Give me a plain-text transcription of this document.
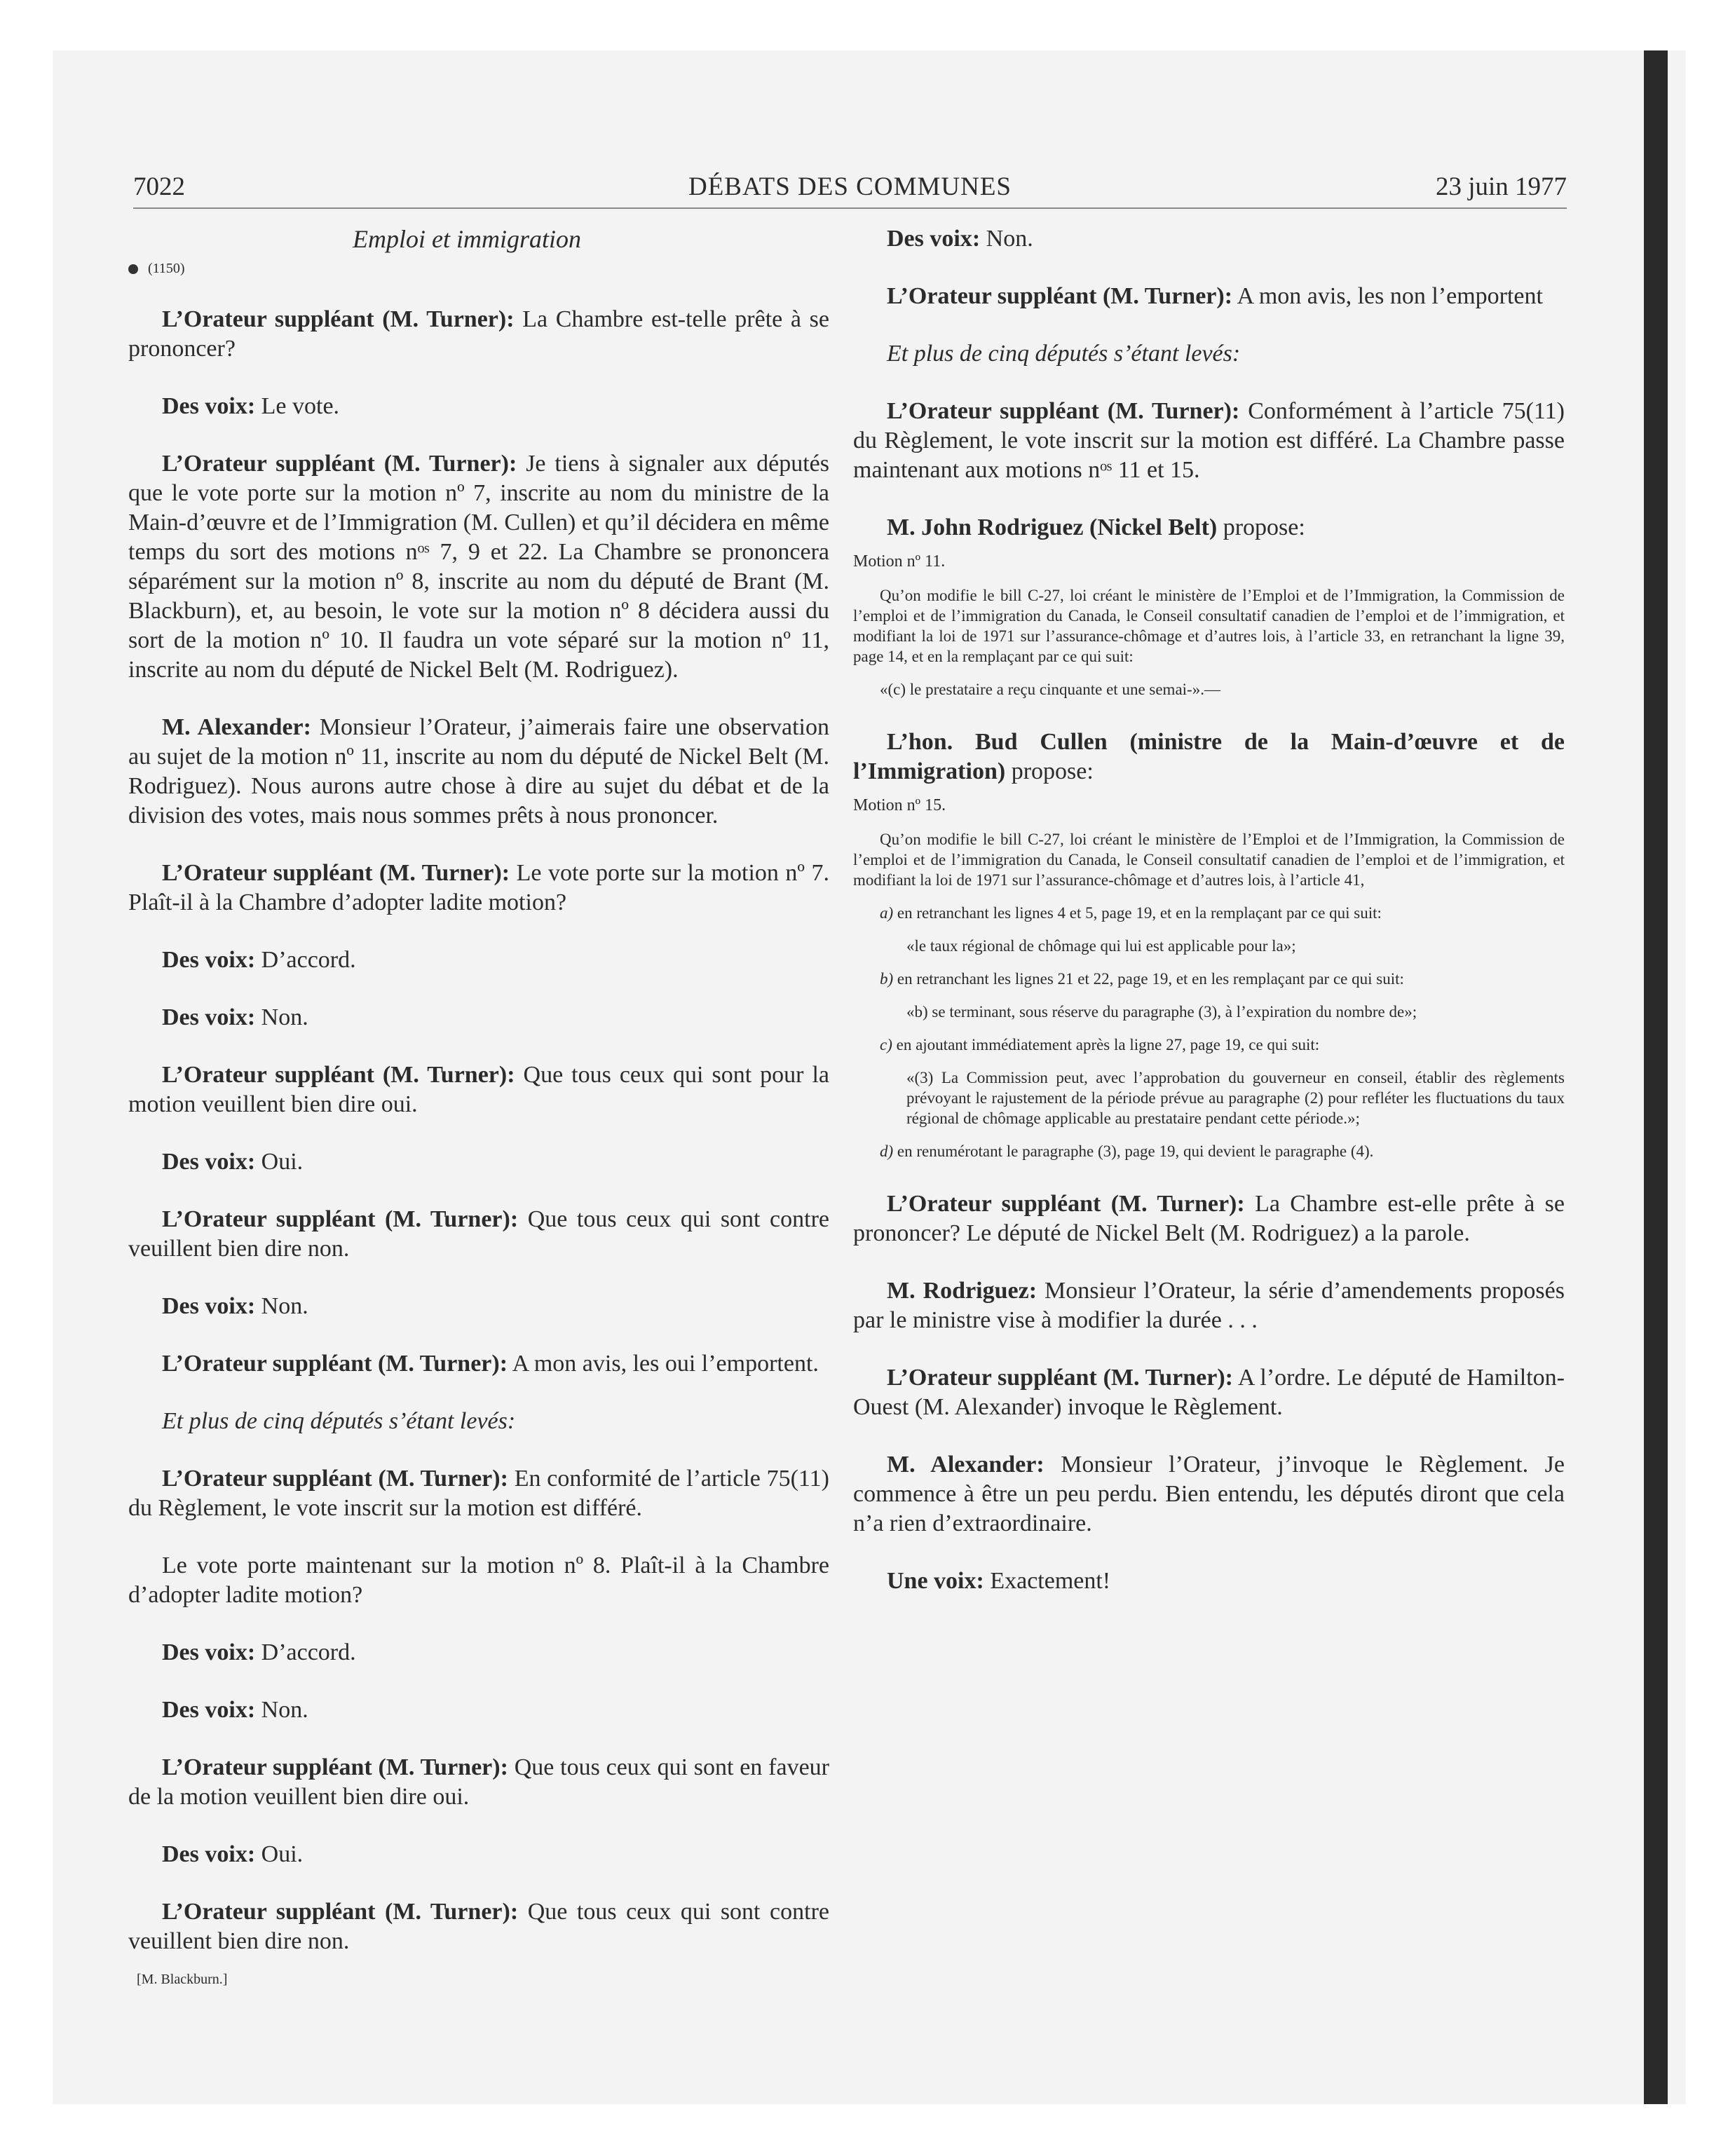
7022	DÉBATS DES COMMUNES	23 juin 1977

Emploi et immigration

(1150)

L’Orateur suppléant (M. Turner): La Chambre est-telle prête à se prononcer?

Des voix: Le vote.

L’Orateur suppléant (M. Turner): Je tiens à signaler aux députés que le vote porte sur la motion nº 7, inscrite au nom du ministre de la Main-d’œuvre et de l’Immigration (M. Cullen) et qu’il décidera en même temps du sort des motions nᵒˢ 7, 9 et 22. La Chambre se prononcera séparément sur la motion nº 8, inscrite au nom du député de Brant (M. Blackburn), et, au besoin, le vote sur la motion nº 8 décidera aussi du sort de la motion nº 10. Il faudra un vote séparé sur la motion nº 11, inscrite au nom du député de Nickel Belt (M. Rodriguez).

M. Alexander: Monsieur l’Orateur, j’aimerais faire une observation au sujet de la motion nº 11, inscrite au nom du député de Nickel Belt (M. Rodriguez). Nous aurons autre chose à dire au sujet du débat et de la division des votes, mais nous sommes prêts à nous prononcer.

L’Orateur suppléant (M. Turner): Le vote porte sur la motion nº 7. Plaît-il à la Chambre d’adopter ladite motion?

Des voix: D’accord.

Des voix: Non.

L’Orateur suppléant (M. Turner): Que tous ceux qui sont pour la motion veuillent bien dire oui.

Des voix: Oui.

L’Orateur suppléant (M. Turner): Que tous ceux qui sont contre veuillent bien dire non.

Des voix: Non.

L’Orateur suppléant (M. Turner): A mon avis, les oui l’emportent.

Et plus de cinq députés s’étant levés:

L’Orateur suppléant (M. Turner): En conformité de l’article 75(11) du Règlement, le vote inscrit sur la motion est différé.

Le vote porte maintenant sur la motion nº 8. Plaît-il à la Chambre d’adopter ladite motion?

Des voix: D’accord.

Des voix: Non.

L’Orateur suppléant (M. Turner): Que tous ceux qui sont en faveur de la motion veuillent bien dire oui.

Des voix: Oui.

L’Orateur suppléant (M. Turner): Que tous ceux qui sont contre veuillent bien dire non.

[M. Blackburn.]

Des voix: Non.

L’Orateur suppléant (M. Turner): A mon avis, les non l’emportent

Et plus de cinq députés s’étant levés:

L’Orateur suppléant (M. Turner): Conformément à l’article 75(11) du Règlement, le vote inscrit sur la motion est différé. La Chambre passe maintenant aux motions nᵒˢ 11 et 15.

M. John Rodriguez (Nickel Belt) propose:

Motion nº 11.

Qu’on modifie le bill C-27, loi créant le ministère de l’Emploi et de l’Immigration, la Commission de l’emploi et de l’immigration du Canada, le Conseil consultatif canadien de l’emploi et de l’immigration, et modifiant la loi de 1971 sur l’assurance-chômage et d’autres lois, à l’article 33, en retranchant la ligne 39, page 14, et en la remplaçant par ce qui suit:

«(c) le prestataire a reçu cinquante et une semai-».—

L’hon. Bud Cullen (ministre de la Main-d’œuvre et de l’Immigration) propose:

Motion nº 15.

Qu’on modifie le bill C-27, loi créant le ministère de l’Emploi et de l’Immigration, la Commission de l’emploi et de l’immigration du Canada, le Conseil consultatif canadien de l’emploi et de l’immigration, et modifiant la loi de 1971 sur l’assurance-chômage et d’autres lois, à l’article 41,

a) en retranchant les lignes 4 et 5, page 19, et en la remplaçant par ce qui suit:

«le taux régional de chômage qui lui est applicable pour la»;

b) en retranchant les lignes 21 et 22, page 19, et en les remplaçant par ce qui suit:

«b) se terminant, sous réserve du paragraphe (3), à l’expiration du nombre de»;

c) en ajoutant immédiatement après la ligne 27, page 19, ce qui suit:

«(3) La Commission peut, avec l’approbation du gouverneur en conseil, établir des règlements prévoyant le rajustement de la période prévue au paragraphe (2) pour refléter les fluctuations du taux régional de chômage applicable au prestataire pendant cette période.»;

d) en renumérotant le paragraphe (3), page 19, qui devient le paragraphe (4).

L’Orateur suppléant (M. Turner): La Chambre est-elle prête à se prononcer? Le député de Nickel Belt (M. Rodriguez) a la parole.

M. Rodriguez: Monsieur l’Orateur, la série d’amendements proposés par le ministre vise à modifier la durée . . .

L’Orateur suppléant (M. Turner): A l’ordre. Le député de Hamilton-Ouest (M. Alexander) invoque le Règlement.

M. Alexander: Monsieur l’Orateur, j’invoque le Règlement. Je commence à être un peu perdu. Bien entendu, les députés diront que cela n’a rien d’extraordinaire.

Une voix: Exactement!
